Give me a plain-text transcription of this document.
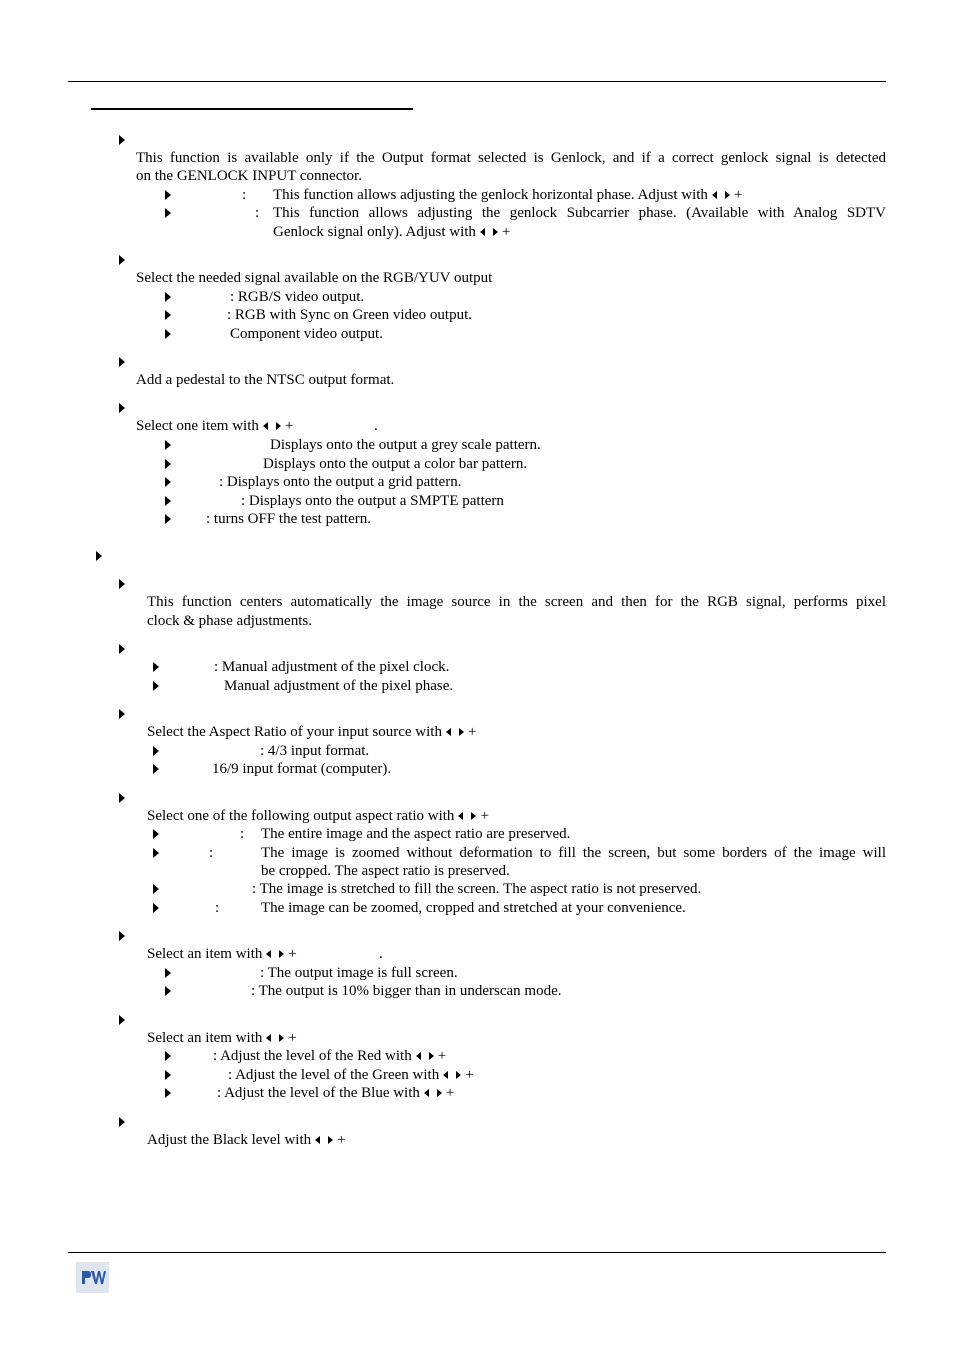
This function is available only if the Output format selected is Genlock, and if a correct genlock signal is detected
on the GENLOCK INPUT connector.
: This function allows adjusting the genlock horizontal phase. Adjust with +
: This function allows adjusting the genlock Subcarrier phase. (Available with Analog SDTV
Genlock signal only). Adjust with +
Select the needed signal available on the RGB/YUV output
: RGB/S video output.
: RGB with Sync on Green video output.
Component video output.
Add a pedestal to the NTSC output format.
Select one item with +	.
Displays onto the output a grey scale pattern.
Displays onto the output a color bar pattern.
: Displays onto the output a grid pattern.
: Displays onto the output a SMPTE pattern
: turns OFF the test pattern.
This function centers automatically the image source in the screen and then for the RGB signal, performs pixel
clock & phase adjustments.
: Manual adjustment of the pixel clock.
Manual adjustment of the pixel phase.
Select the Aspect Ratio of your input source with +
: 4/3 input format.
16/9 input format (computer).
Select one of the following output aspect ratio with +
: The entire image and the aspect ratio are preserved.
:	The image is zoomed without deformation to fill the screen, but some borders of the image will
be cropped. The aspect ratio is preserved.
: The image is stretched to fill the screen. The aspect ratio is not preserved.
:	The image can be zoomed, cropped and stretched at your convenience.
Select an item with +	.
: The output image is full screen.
: The output is 10% bigger than in underscan mode.
Select an item with +
: Adjust the level of the Red with +
: Adjust the level of the Green with +
: Adjust the level of the Blue with +
Adjust the Black level with +
